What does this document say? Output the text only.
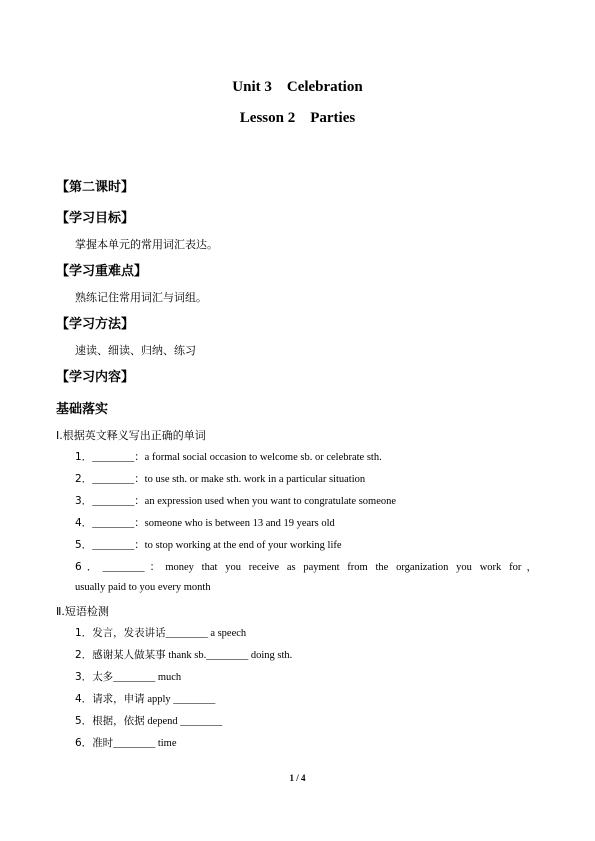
Unit 3    Celebration
Lesson 2    Parties
【第二课时】
【学习目标】
掌握本单元的常用词汇表达。
【学习重难点】
熟练记住常用词汇与词组。
【学习方法】
速读、细读、归纳、练习
【学习内容】
基础落实
Ⅰ.根据英文释义写出正确的单词
1．________：a formal social occasion to welcome sb. or celebrate sth.
2．________：to use sth. or make sth. work in a particular situation
3．________：an expression used when you want to congratulate someone
4．________：someone who is between 13 and 19 years old
5．________：to stop working at the end of your working life
6．________：money that you receive as payment from the organization you work for，
usually paid to you every month
Ⅱ.短语检测
1．发言，发表讲话________ a speech
2．感谢某人做某事 thank sb.________ doing sth.
3．太多________ much
4．请求，申请 apply ________
5．根据，依据 depend ________
6．准时________ time
1 / 4
